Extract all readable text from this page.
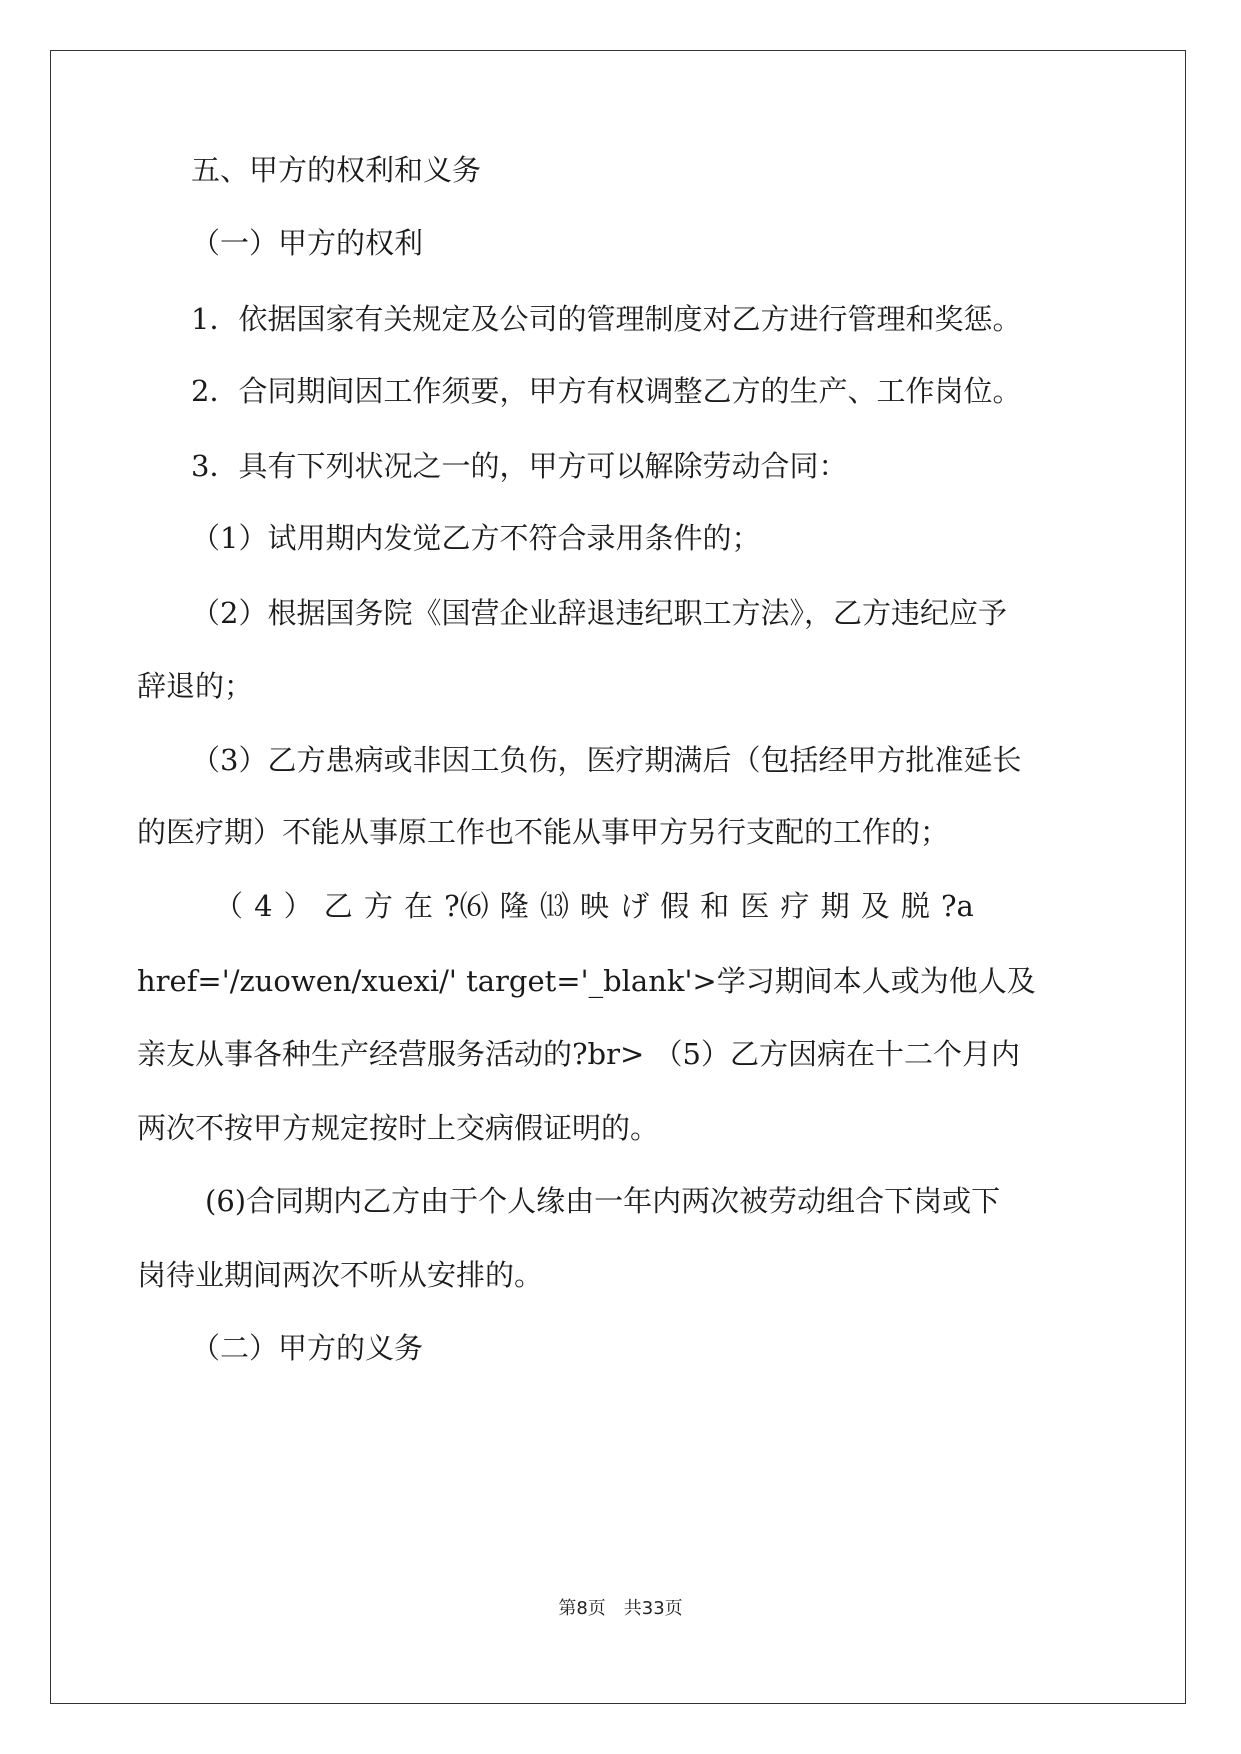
五、甲方的权利和义务
（一）甲方的权利
1．依据国家有关规定及公司的管理制度对乙方进行管理和奖惩。
2．合同期间因工作须要，甲方有权调整乙方的生产、工作岗位。
3．具有下列状况之一的，甲方可以解除劳动合同：
（1）试用期内发觉乙方不符合录用条件的；
（2）根据国务院《国营企业辞退违纪职工方法》，乙方违纪应予
辞退的；
（3）乙方患病或非因工负伤，医疗期满后（包括经甲方批准延长
的医疗期）不能从事原工作也不能从事甲方另行支配的工作的；
（ 4 ） 乙 方 在 ?⑹ 隆 ⒀ 映 げ 假 和 医 疗 期 及 脱 ?a
href='/zuowen/xuexi/' target='_blank'>学习期间本人或为他人及
亲友从事各种生产经营服务活动的?br> （5）乙方因病在十二个月内
两次不按甲方规定按时上交病假证明的。
(6)合同期内乙方由于个人缘由一年内两次被劳动组合下岗或下
岗待业期间两次不听从安排的。
（二）甲方的义务
第8页 共33页
